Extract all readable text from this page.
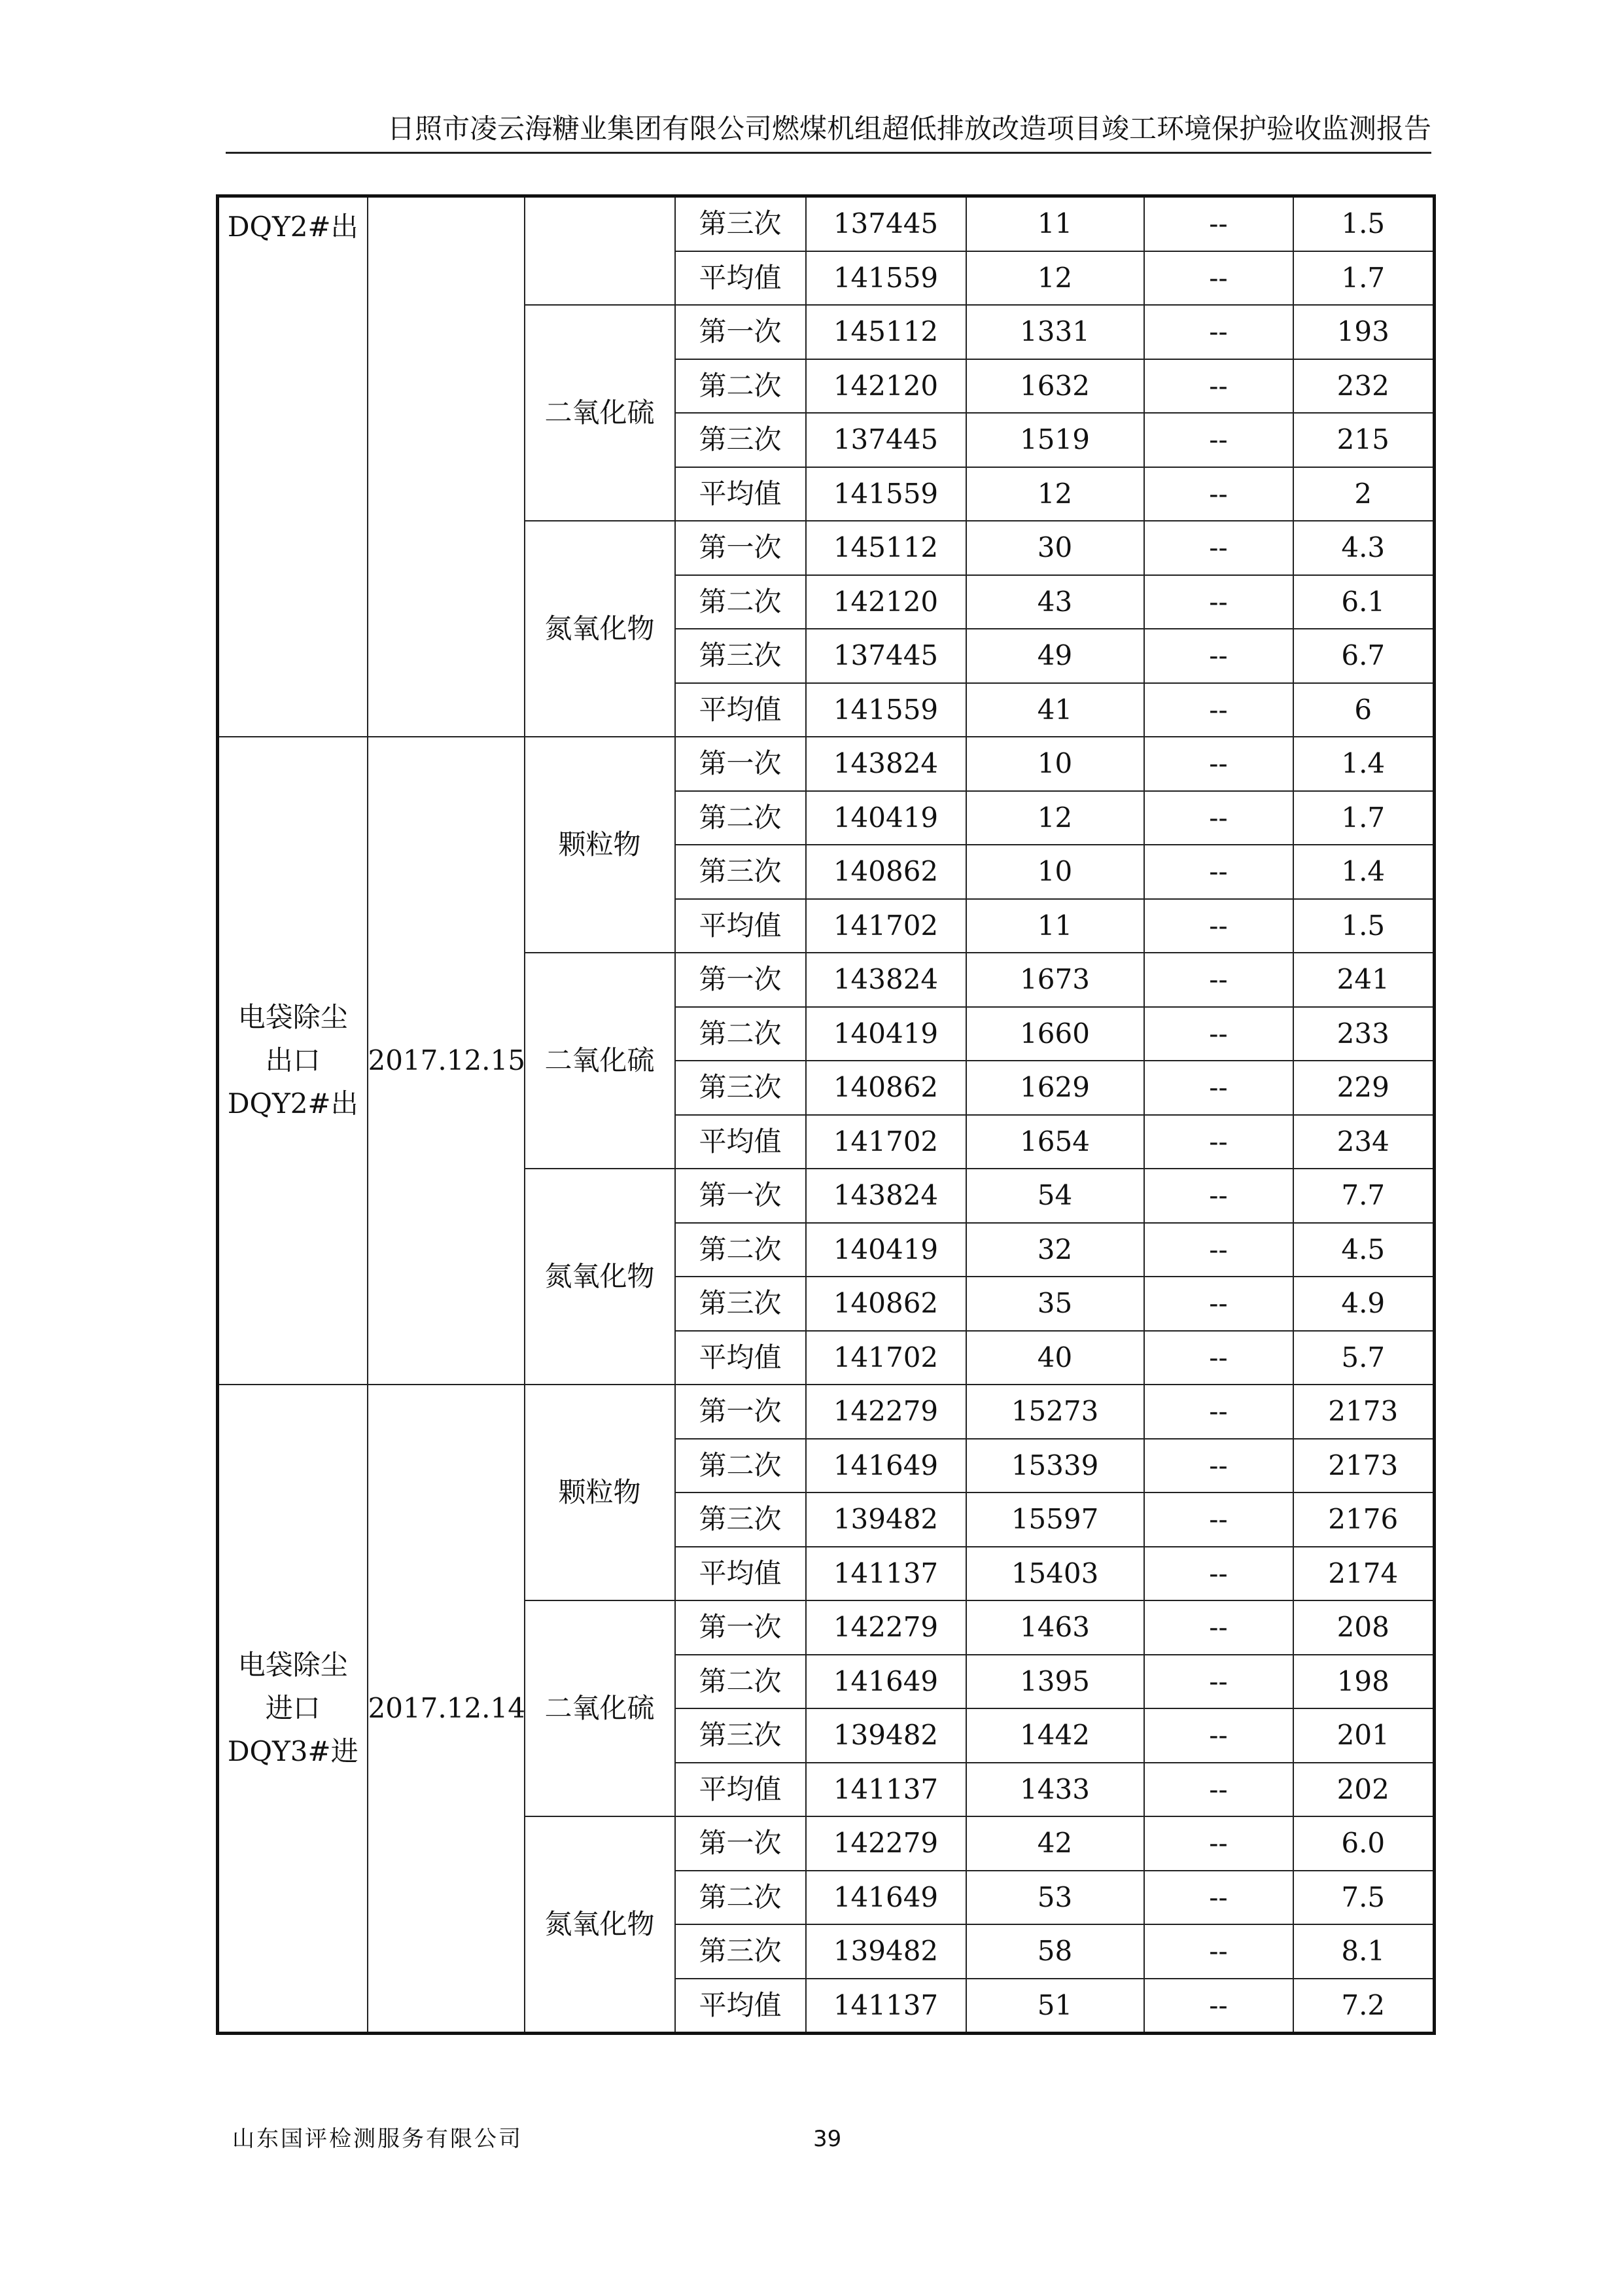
日照市凌云海糖业集团有限公司燃煤机组超低排放改造项目竣工环境保护验收监测报告
DQY2#出			第三次	137445	11	--	1.5
			平均值	141559	12	--	1.7
		二氧化硫	第一次	145112	1331	--	193
			第二次	142120	1632	--	232
			第三次	137445	1519	--	215
			平均值	141559	12	--	2
		氮氧化物	第一次	145112	30	--	4.3
			第二次	142120	43	--	6.1
			第三次	137445	49	--	6.7
			平均值	141559	41	--	6
电袋除尘
出口
DQY2#出	2017.12.15	颗粒物	第一次	143824	10	--	1.4
			第二次	140419	12	--	1.7
			第三次	140862	10	--	1.4
			平均值	141702	11	--	1.5
		二氧化硫	第一次	143824	1673	--	241
			第二次	140419	1660	--	233
			第三次	140862	1629	--	229
			平均值	141702	1654	--	234
		氮氧化物	第一次	143824	54	--	7.7
			第二次	140419	32	--	4.5
			第三次	140862	35	--	4.9
			平均值	141702	40	--	5.7
电袋除尘
进口
DQY3#进	2017.12.14	颗粒物	第一次	142279	15273	--	2173
			第二次	141649	15339	--	2173
			第三次	139482	15597	--	2176
			平均值	141137	15403	--	2174
		二氧化硫	第一次	142279	1463	--	208
			第二次	141649	1395	--	198
			第三次	139482	1442	--	201
			平均值	141137	1433	--	202
		氮氧化物	第一次	142279	42	--	6.0
			第二次	141649	53	--	7.5
			第三次	139482	58	--	8.1
			平均值	141137	51	--	7.2
山东国评检测服务有限公司	39
